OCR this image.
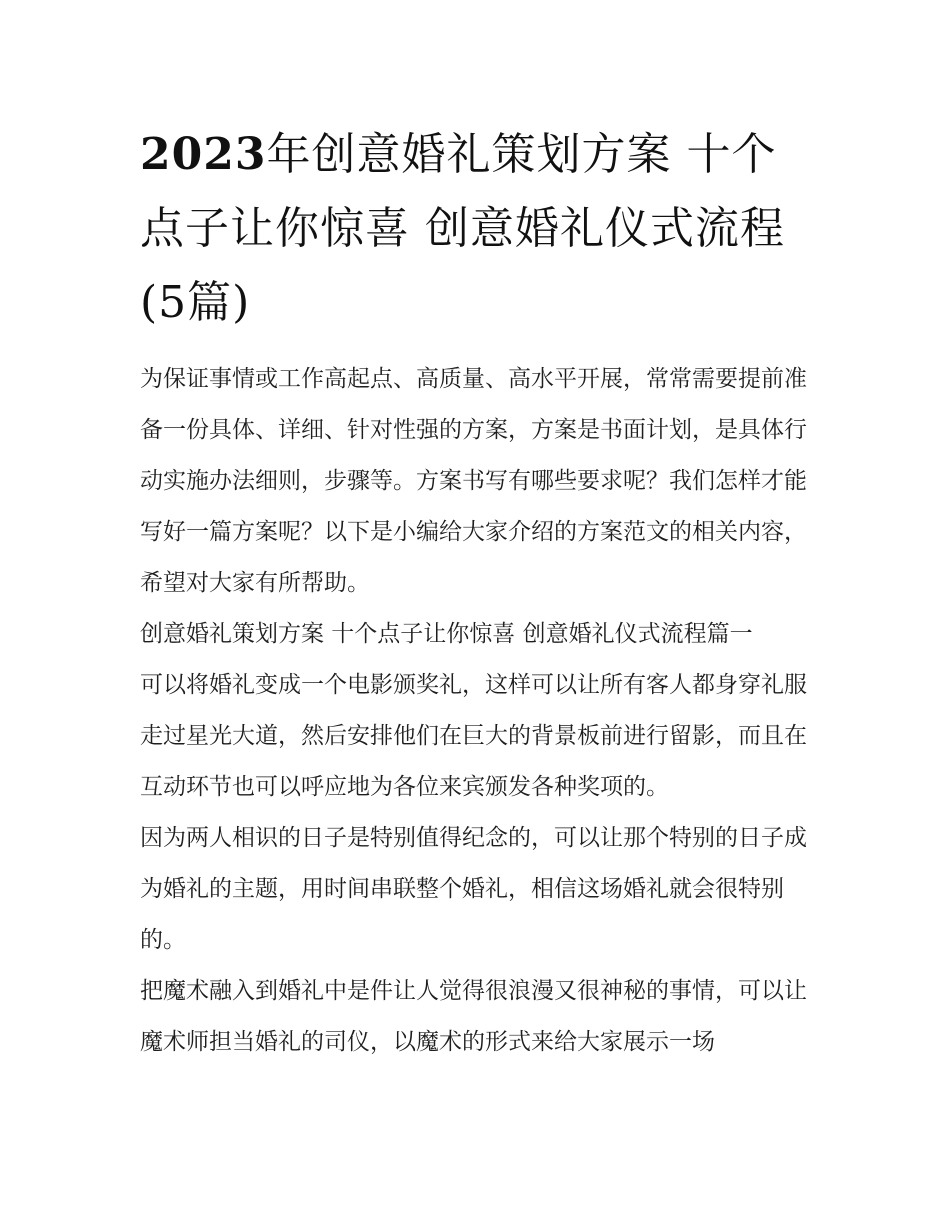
2023年创意婚礼策划方案 十个点子让你惊喜 创意婚礼仪式流程(5篇)

为保证事情或工作高起点、高质量、高水平开展，常常需要提前准备一份具体、详细、针对性强的方案，方案是书面计划，是具体行动实施办法细则，步骤等。方案书写有哪些要求呢？我们怎样才能写好一篇方案呢？以下是小编给大家介绍的方案范文的相关内容，希望对大家有所帮助。

创意婚礼策划方案 十个点子让你惊喜 创意婚礼仪式流程篇一

可以将婚礼变成一个电影颁奖礼，这样可以让所有客人都身穿礼服走过星光大道，然后安排他们在巨大的背景板前进行留影，而且在互动环节也可以呼应地为各位来宾颁发各种奖项的。

因为两人相识的日子是特别值得纪念的，可以让那个特别的日子成为婚礼的主题，用时间串联整个婚礼，相信这场婚礼就会很特别的。

把魔术融入到婚礼中是件让人觉得很浪漫又很神秘的事情，可以让魔术师担当婚礼的司仪，以魔术的形式来给大家展示一场
